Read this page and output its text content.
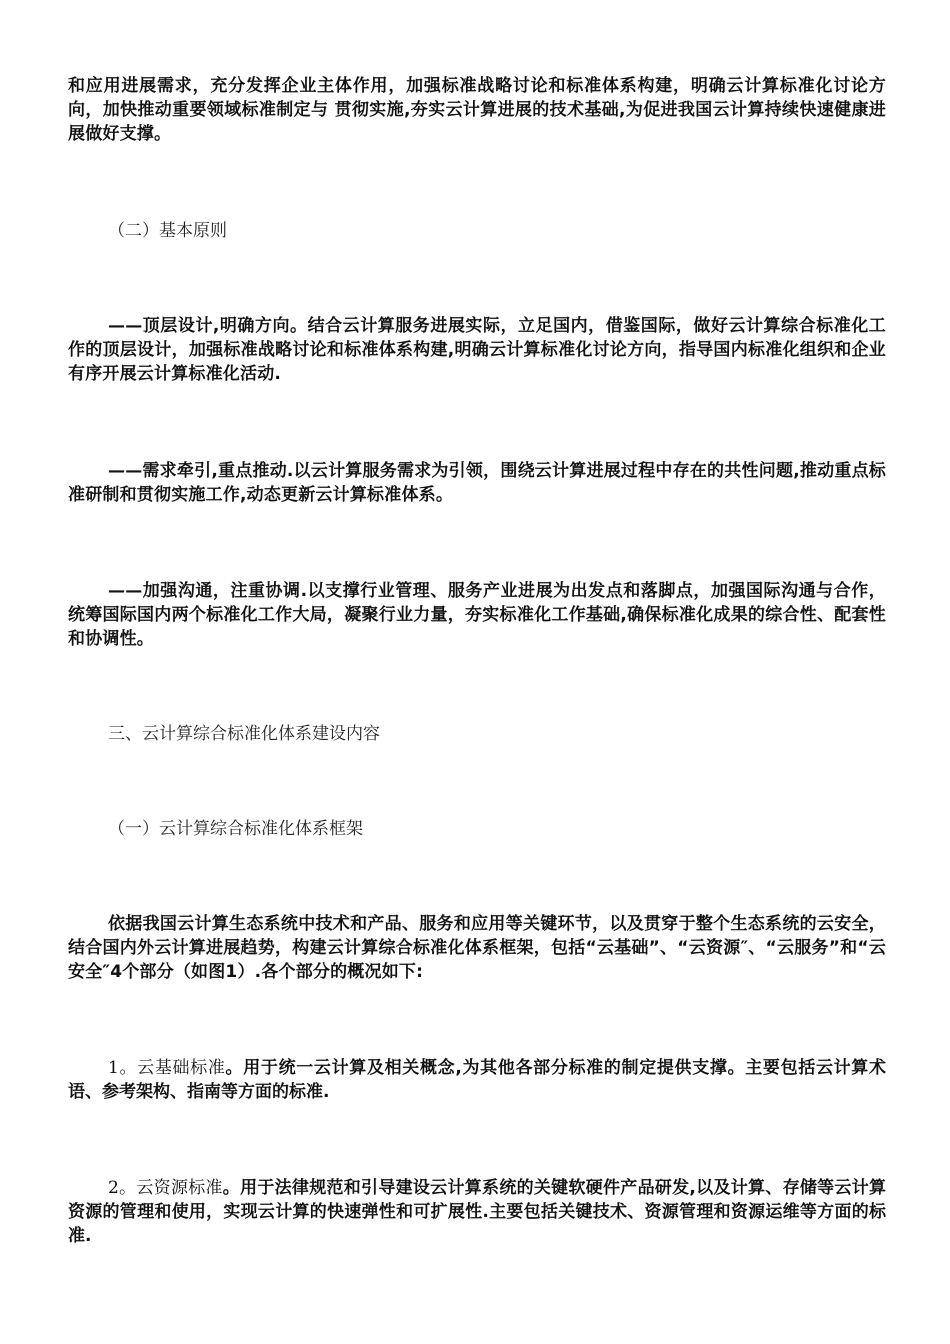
和应用进展需求，充分发挥企业主体作用，加强标准战略讨论和标准体系构建，明确云计算标准化讨论方向，加快推动重要领域标准制定与 贯彻实施,夯实云计算进展的技术基础,为促进我国云计算持续快速健康进展做好支撑。

（二）基本原则

——顶层设计,明确方向。结合云计算服务进展实际，立足国内，借鉴国际，做好云计算综合标准化工作的顶层设计，加强标准战略讨论和标准体系构建,明确云计算标准化讨论方向，指导国内标准化组织和企业有序开展云计算标准化活动.

——需求牵引,重点推动.以云计算服务需求为引领，围绕云计算进展过程中存在的共性问题,推动重点标准研制和贯彻实施工作,动态更新云计算标准体系。

——加强沟通，注重协调.以支撑行业管理、服务产业进展为出发点和落脚点，加强国际沟通与合作，统筹国际国内两个标准化工作大局，凝聚行业力量，夯实标准化工作基础,确保标准化成果的综合性、配套性和协调性。

三、云计算综合标准化体系建设内容
（一）云计算综合标准化体系框架

依据我国云计算生态系统中技术和产品、服务和应用等关键环节，以及贯穿于整个生态系统的云安全，结合国内外云计算进展趋势，构建云计算综合标准化体系框架，包括“云基础”、“云资源″、“云服务”和“云安全″4个部分（如图1）.各个部分的概况如下:

1。云基础标准。用于统一云计算及相关概念,为其他各部分标准的制定提供支撑。主要包括云计算术语、参考架构、指南等方面的标准.

2。云资源标准。用于法律规范和引导建设云计算系统的关键软硬件产品研发,以及计算、存储等云计算资源的管理和使用，实现云计算的快速弹性和可扩展性.主要包括关键技术、资源管理和资源运维等方面的标准.
